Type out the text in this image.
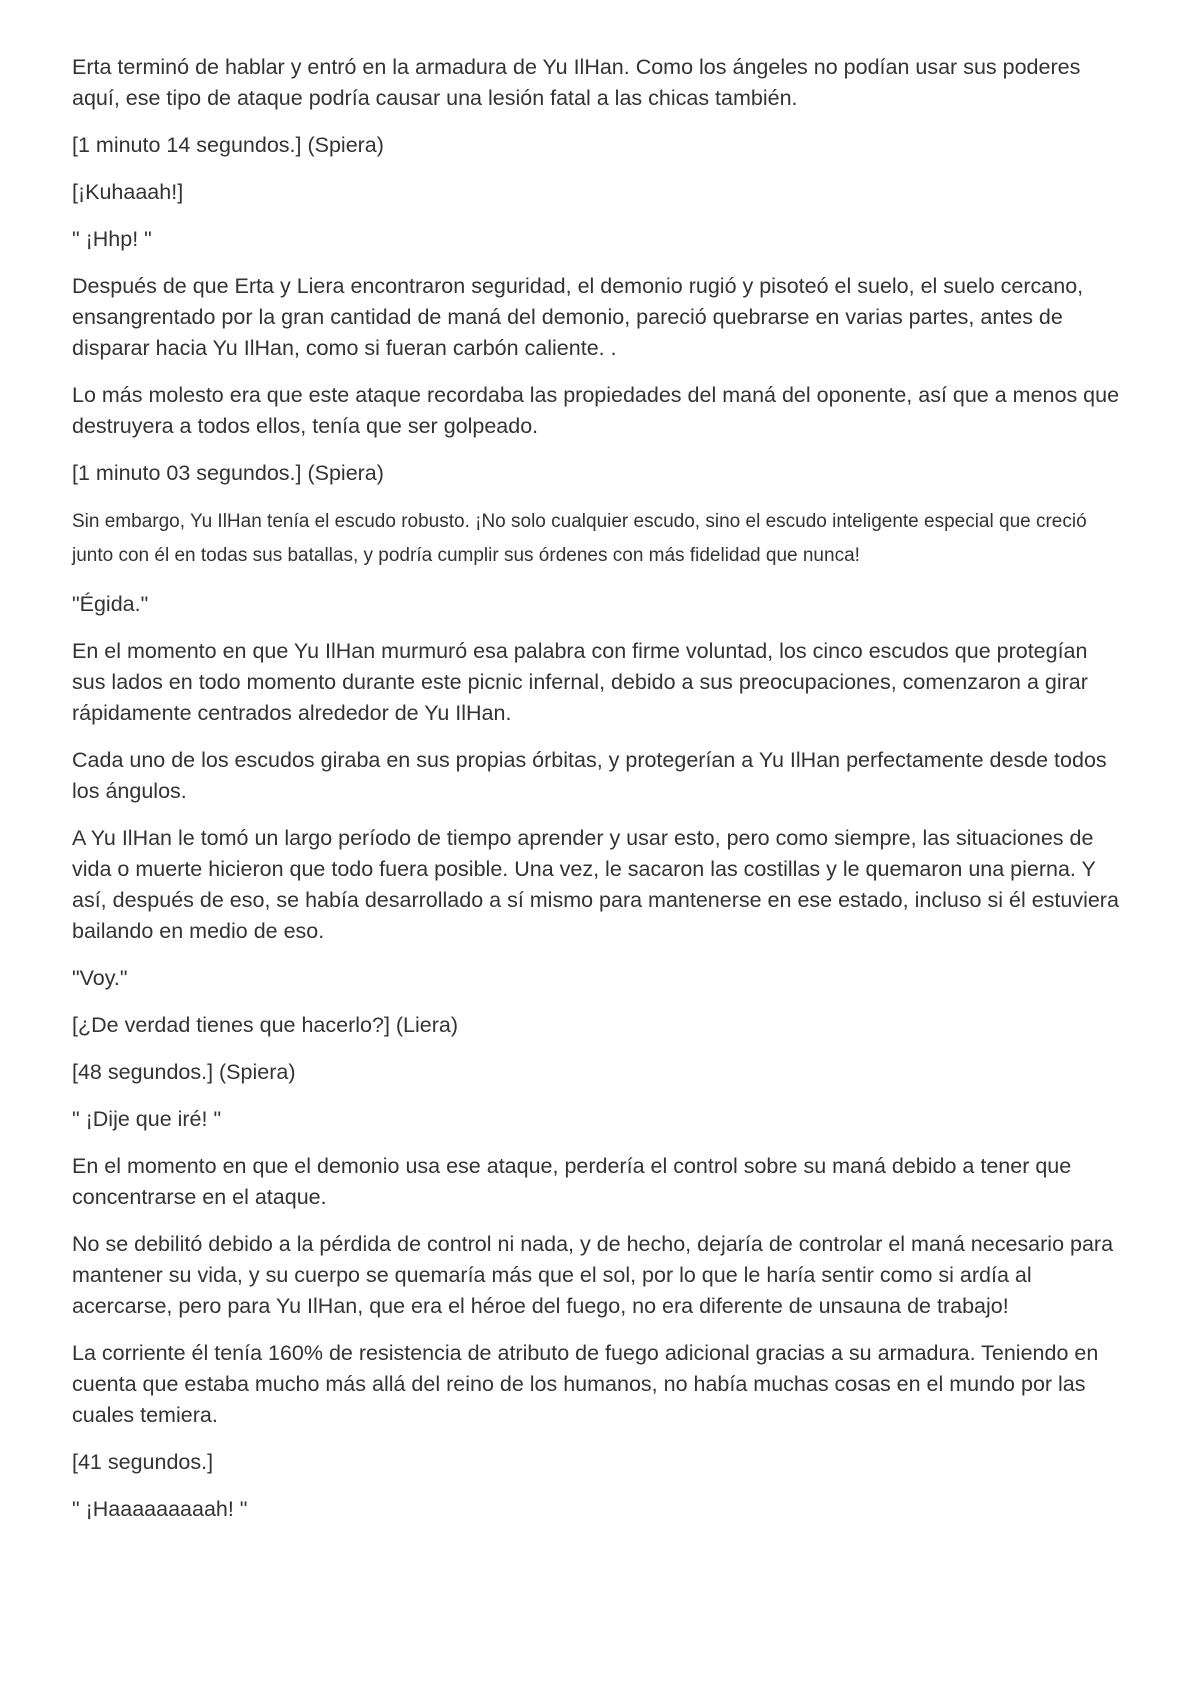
Erta terminó de hablar y entró en la armadura de Yu IlHan. Como los ángeles no podían usar sus poderes aquí, ese tipo de ataque podría causar una lesión fatal a las chicas también.

[1 minuto 14 segundos.] (Spiera)

[¡Kuhaaah!]

" ¡Hhp! "

Después de que Erta y Liera encontraron seguridad, el demonio rugió y pisoteó el suelo, el suelo cercano, ensangrentado por la gran cantidad de maná del demonio, pareció quebrarse en varias partes, antes de disparar hacia Yu IlHan, como si fueran carbón caliente. .

Lo más molesto era que este ataque recordaba las propiedades del maná del oponente, así que a menos que destruyera a todos ellos, tenía que ser golpeado.

[1 minuto 03 segundos.] (Spiera)

Sin embargo, Yu IlHan tenía el escudo robusto. ¡No solo cualquier escudo, sino el escudo inteligente especial que creció junto con él en todas sus batallas, y podría cumplir sus órdenes con más fidelidad que nunca!

"Égida."

En el momento en que Yu IlHan murmuró esa palabra con firme voluntad, los cinco escudos que protegían sus lados en todo momento durante este picnic infernal, debido a sus preocupaciones, comenzaron a girar rápidamente centrados alrededor de Yu IlHan.

Cada uno de los escudos giraba en sus propias órbitas, y protegerían a Yu IlHan perfectamente desde todos los ángulos.

A Yu IlHan le tomó un largo período de tiempo aprender y usar esto, pero como siempre, las situaciones de vida o muerte hicieron que todo fuera posible. Una vez, le sacaron las costillas y le quemaron una pierna. Y así, después de eso, se había desarrollado a sí mismo para mantenerse en ese estado, incluso si él estuviera bailando en medio de eso.

"Voy."

[¿De verdad tienes que hacerlo?] (Liera)

[48 segundos.] (Spiera)

" ¡Dije que iré! "

En el momento en que el demonio usa ese ataque, perdería el control sobre su maná debido a tener que concentrarse en el ataque.

No se debilitó debido a la pérdida de control ni nada, y de hecho, dejaría de controlar el maná necesario para mantener su vida, y su cuerpo se quemaría más que el sol, por lo que le haría sentir como si ardía al acercarse, pero para Yu IlHan, que era el héroe del fuego, no era diferente de unsauna de trabajo!

La corriente él tenía 160% de resistencia de atributo de fuego adicional gracias a su armadura. Teniendo en cuenta que estaba mucho más allá del reino de los humanos, no había muchas cosas en el mundo por las cuales temiera.

[41 segundos.]

" ¡Haaaaaaaaah! "
